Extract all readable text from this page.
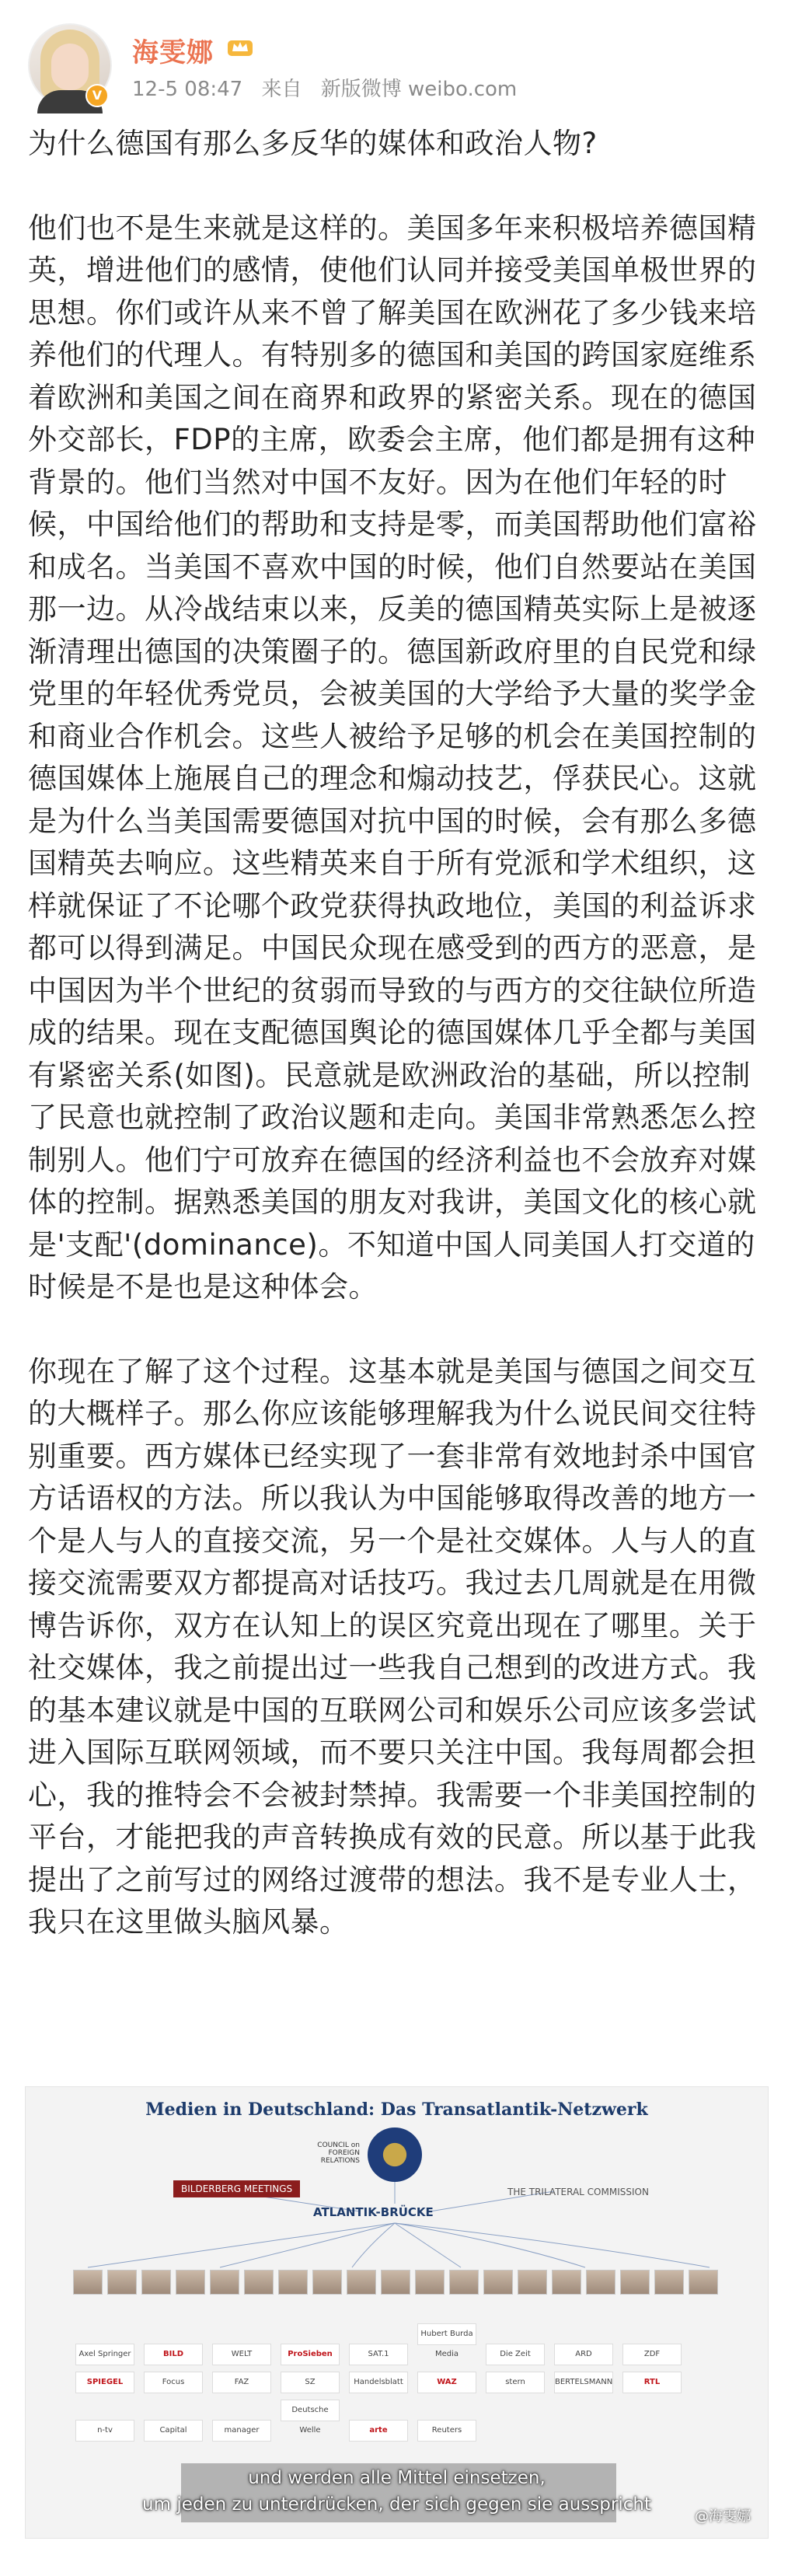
V
海雯娜
12-5 08:47 来自 新版微博 weibo.com

为什么德国有那么多反华的媒体和政治人物?

他们也不是生来就是这样的。美国多年来积极培养德国精英，增进他们的感情，使他们认同并接受美国单极世界的思想。你们或许从来不曾了解美国在欧洲花了多少钱来培养他们的代理人。有特别多的德国和美国的跨国家庭维系着欧洲和美国之间在商界和政界的紧密关系。现在的德国外交部长，FDP的主席，欧委会主席，他们都是拥有这种背景的。他们当然对中国不友好。因为在他们年轻的时候，中国给他们的帮助和支持是零，而美国帮助他们富裕和成名。当美国不喜欢中国的时候，他们自然要站在美国那一边。从冷战结束以来，反美的德国精英实际上是被逐渐清理出德国的决策圈子的。德国新政府里的自民党和绿党里的年轻优秀党员，会被美国的大学给予大量的奖学金和商业合作机会。这些人被给予足够的机会在美国控制的德国媒体上施展自己的理念和煽动技艺，俘获民心。这就是为什么当美国需要德国对抗中国的时候，会有那么多德国精英去响应。这些精英来自于所有党派和学术组织，这样就保证了不论哪个政党获得执政地位，美国的利益诉求都可以得到满足。中国民众现在感受到的西方的恶意，是中国因为半个世纪的贫弱而导致的与西方的交往缺位所造成的结果。现在支配德国舆论的德国媒体几乎全都与美国有紧密关系(如图)。民意就是欧洲政治的基础，所以控制了民意也就控制了政治议题和走向。美国非常熟悉怎么控制别人。他们宁可放弃在德国的经济利益也不会放弃对媒体的控制。据熟悉美国的朋友对我讲，美国文化的核心就是'支配'(dominance)。不知道中国人同美国人打交道的时候是不是也是这种体会。

你现在了解了这个过程。这基本就是美国与德国之间交互的大概样子。那么你应该能够理解我为什么说民间交往特别重要。西方媒体已经实现了一套非常有效地封杀中国官方话语权的方法。所以我认为中国能够取得改善的地方一个是人与人的直接交流，另一个是社交媒体。人与人的直接交流需要双方都提高对话技巧。我过去几周就是在用微博告诉你，双方在认知上的误区究竟出现在了哪里。关于社交媒体，我之前提出过一些我自己想到的改进方式。我的基本建议就是中国的互联网公司和娱乐公司应该多尝试进入国际互联网领域，而不要只关注中国。我每周都会担心，我的推特会不会被封禁掉。我需要一个非美国控制的平台，才能把我的声音转换成有效的民意。所以基于此我提出了之前写过的网络过渡带的想法。我不是专业人士，我只在这里做头脑风暴。

Medien in Deutschland: Das Transatlantik-Netzwerk
COUNCIL on FOREIGN RELATIONS
BILDERBERG MEETINGS	THE TRILATERAL COMMISSION
ATLANTIK-BRÜCKE
Axel Springer	BILD	WELT	ProSieben	SAT.1Hubert Burda Media	Die Zeit	ARD	ZDFSPIEGEL	Focus	FAZ	SZ	Handelsblatt	WAZ	stern	BERTELSMANN	RTLn-tv	Capital	managerDeutsche Welle	arte	Reuters
und werden alle Mittel einsetzen,
um jeden zu unterdrücken, der sich gegen sie ausspricht
@海雯娜
